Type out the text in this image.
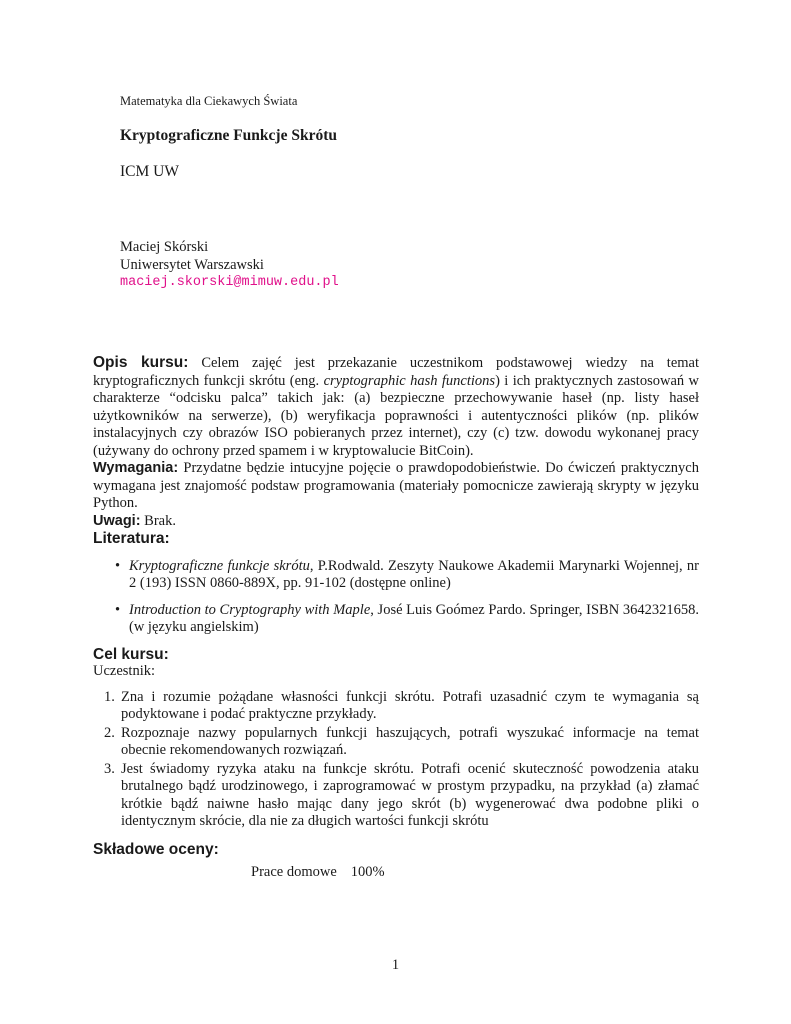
Matematyka dla Ciekawych Świata
Kryptograficzne Funkcje Skrótu
ICM UW
Maciej Skórski
Uniwersytet Warszawski
maciej.skorski@mimuw.edu.pl

Opis kursu: Celem zajęć jest przekazanie uczestnikom podstawowej wiedzy na temat kryptograficznych funkcji skrótu (eng. cryptographic hash functions) i ich praktycznych zastosowań w charakterze “odcisku palca” takich jak: (a) bezpieczne przechowywanie haseł (np. listy haseł użytkowników na serwerze), (b) weryfikacja poprawności i autentyczności plików (np. plików instalacyjnych czy obrazów ISO pobieranych przez internet), czy (c) tzw. dowodu wykonanej pracy (używany do ochrony przed spamem i w kryptowalucie BitCoin).

Wymagania: Przydatne będzie intucyjne pojęcie o prawdopodobieństwie. Do ćwiczeń praktycznych wymagana jest znajomość podstaw programowania (materiały pomocnicze zawierają skrypty w języku Python.

Uwagi: Brak.

Literatura:
• Kryptograficzne funkcje skrótu, P.Rodwald. Zeszyty Naukowe Akademii Marynarki Wojennej, nr 2 (193) ISSN 0860-889X, pp. 91-102 (dostępne online)
• Introduction to Cryptography with Maple, José Luis Goómez Pardo. Springer, ISBN 3642321658. (w języku angielskim)
Cel kursu:
Uczestnik:
1. Zna i rozumie pożądane własności funkcji skrótu. Potrafi uzasadnić czym te wymagania są podyktowane i podać praktyczne przykłady.
2. Rozpoznaje nazwy popularnych funkcji haszujących, potrafi wyszukać informacje na temat obecnie rekomendowanych rozwiązań.
3. Jest świadomy ryzyka ataku na funkcje skrótu. Potrafi ocenić skuteczność powodzenia ataku brutalnego bądź urodzinowego, i zaprogramować w prostym przypadku, na przykład (a) złamać krótkie bądź naiwne hasło mając dany jego skrót (b) wygenerować dwa podobne pliki o identycznym skrócie, dla nie za długich wartości funkcji skrótu
Składowe oceny:
Prace domowe 100%
1
